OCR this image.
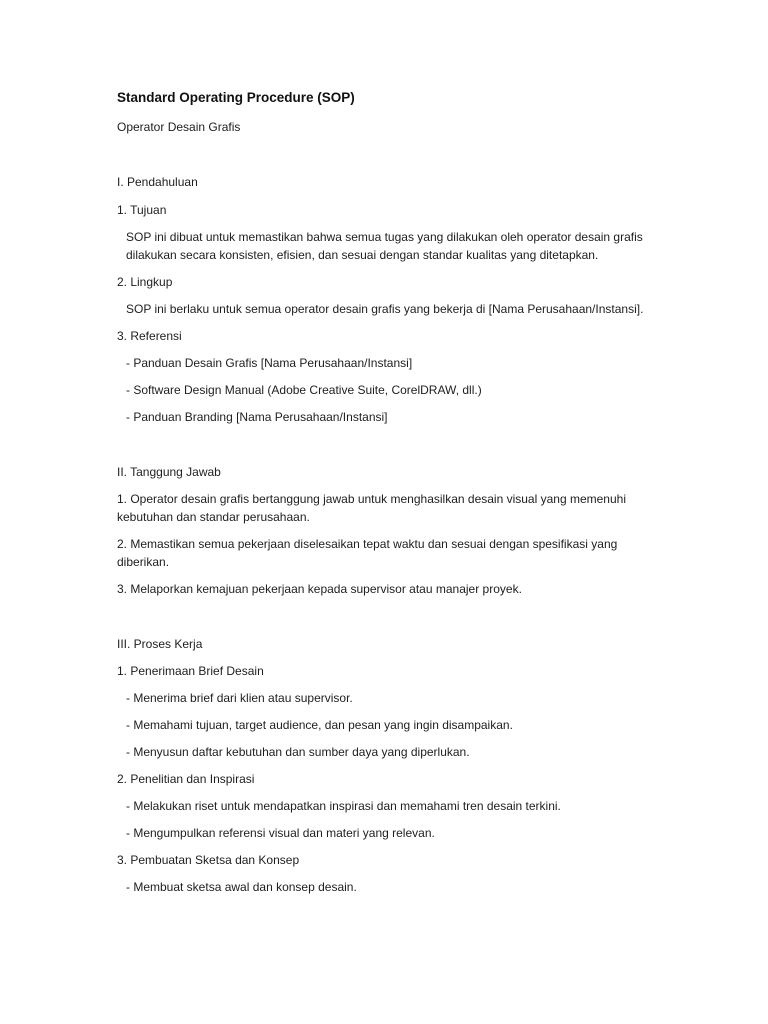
Standard Operating Procedure (SOP)
Operator Desain Grafis
I. Pendahuluan
1. Tujuan
SOP ini dibuat untuk memastikan bahwa semua tugas yang dilakukan oleh operator desain grafis dilakukan secara konsisten, efisien, dan sesuai dengan standar kualitas yang ditetapkan.
2. Lingkup
SOP ini berlaku untuk semua operator desain grafis yang bekerja di [Nama Perusahaan/Instansi].
3. Referensi
- Panduan Desain Grafis [Nama Perusahaan/Instansi]
- Software Design Manual (Adobe Creative Suite, CorelDRAW, dll.)
- Panduan Branding [Nama Perusahaan/Instansi]
II. Tanggung Jawab
1. Operator desain grafis bertanggung jawab untuk menghasilkan desain visual yang memenuhi kebutuhan dan standar perusahaan.
2. Memastikan semua pekerjaan diselesaikan tepat waktu dan sesuai dengan spesifikasi yang diberikan.
3. Melaporkan kemajuan pekerjaan kepada supervisor atau manajer proyek.
III. Proses Kerja
1. Penerimaan Brief Desain
- Menerima brief dari klien atau supervisor.
- Memahami tujuan, target audience, dan pesan yang ingin disampaikan.
- Menyusun daftar kebutuhan dan sumber daya yang diperlukan.
2. Penelitian dan Inspirasi
- Melakukan riset untuk mendapatkan inspirasi dan memahami tren desain terkini.
- Mengumpulkan referensi visual dan materi yang relevan.
3. Pembuatan Sketsa dan Konsep
- Membuat sketsa awal dan konsep desain.
